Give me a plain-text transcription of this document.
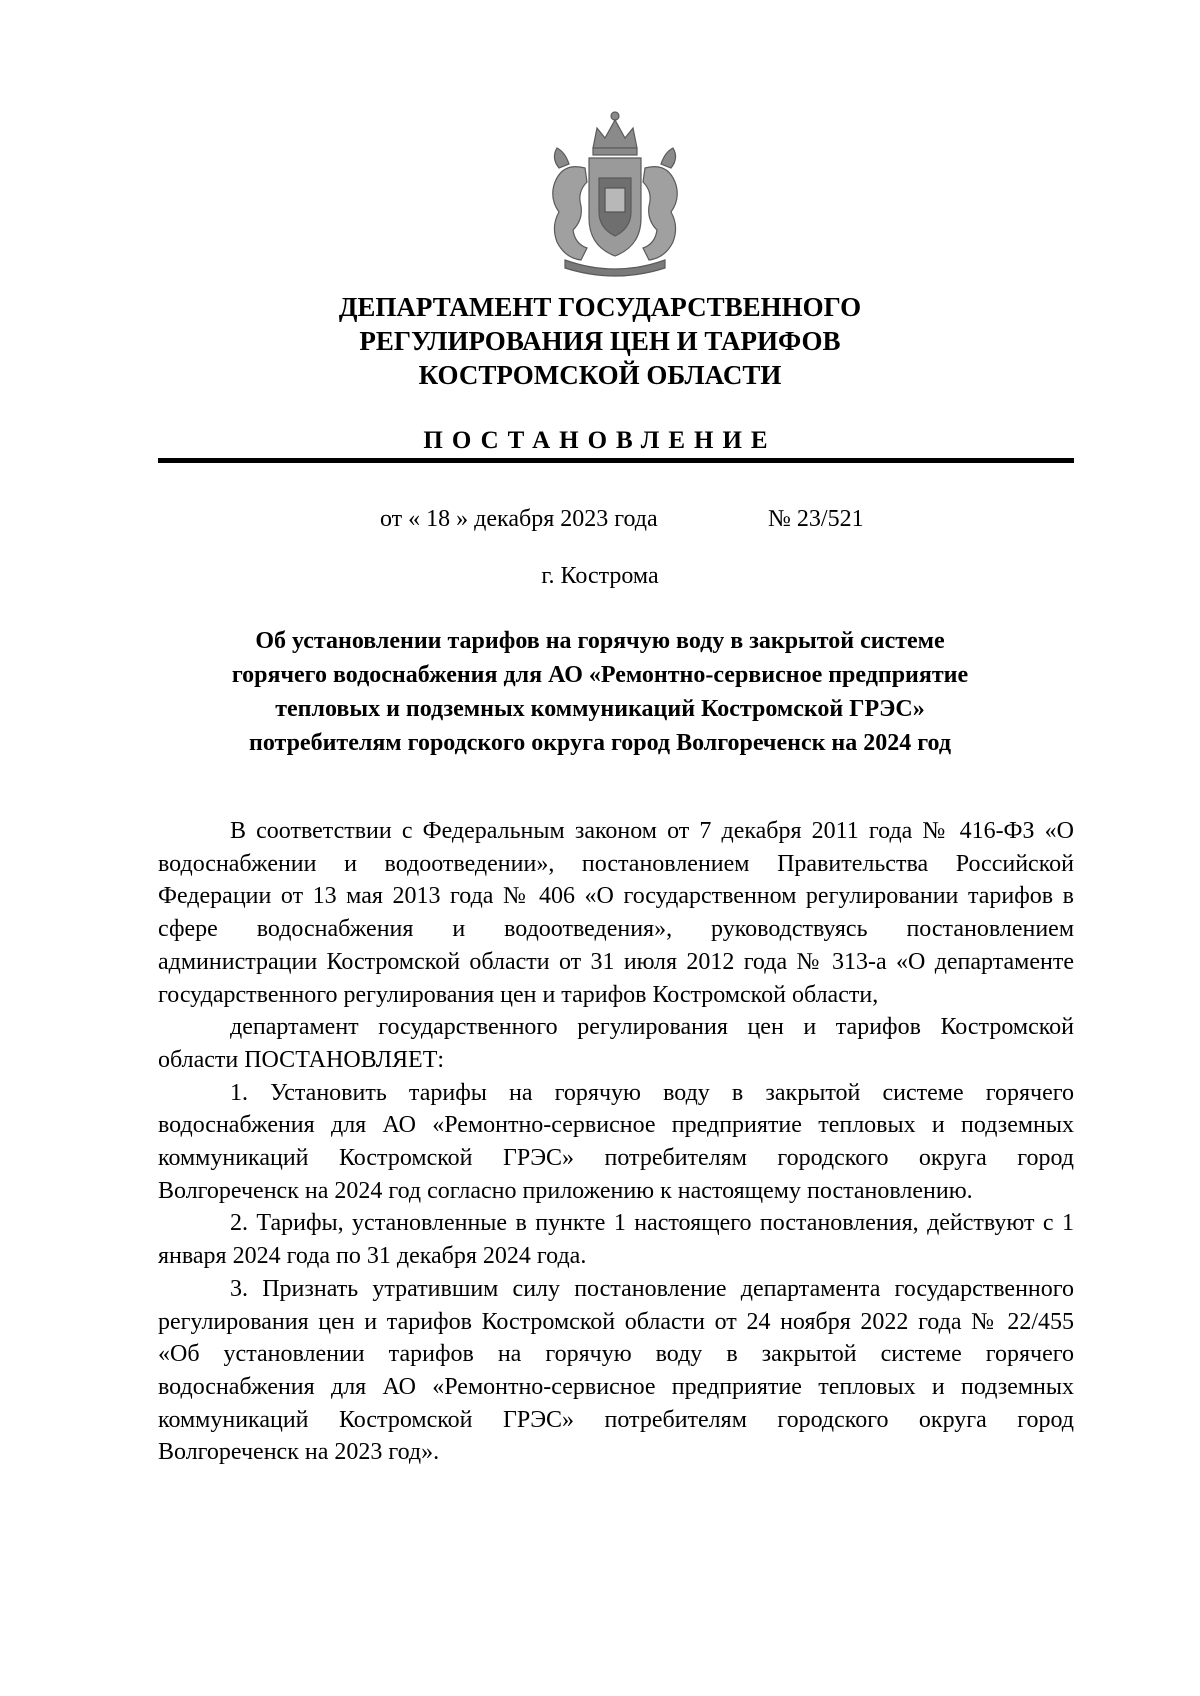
ДЕПАРТАМЕНТ ГОСУДАРСТВЕННОГО
РЕГУЛИРОВАНИЯ ЦЕН И ТАРИФОВ
КОСТРОМСКОЙ ОБЛАСТИ
ПОСТАНОВЛЕНИЕ
от « 18 » декабря 2023 года	№ 23/521
г. Кострома
Об установлении тарифов на горячую воду в закрытой системе
горячего водоснабжения для АО «Ремонтно-сервисное предприятие
тепловых и подземных коммуникаций Костромской ГРЭС»
потребителям городского округа город Волгореченск на 2024 год

В соответствии с Федеральным законом от 7 декабря 2011 года № 416-ФЗ «О водоснабжении и водоотведении», постановлением Правительства Российской Федерации от 13 мая 2013 года № 406 «О государственном регулировании тарифов в сфере водоснабжения и водоотведения», руководствуясь постановлением администрации Костромской области от 31 июля 2012 года № 313-а «О департаменте государственного регулирования цен и тарифов Костромской области,

департамент государственного регулирования цен и тарифов Костромской области ПОСТАНОВЛЯЕТ:

1. Установить тарифы на горячую воду в закрытой системе горячего водоснабжения для АО «Ремонтно-сервисное предприятие тепловых и подземных коммуникаций Костромской ГРЭС» потребителям городского округа город Волгореченск на 2024 год согласно приложению к настоящему постановлению.

2. Тарифы, установленные в пункте 1 настоящего постановления, действуют с 1 января 2024 года по 31 декабря 2024 года.

3. Признать утратившим силу постановление департамента государственного регулирования цен и тарифов Костромской области от 24 ноября 2022 года № 22/455 «Об установлении тарифов на горячую воду в закрытой системе горячего водоснабжения для АО «Ремонтно-сервисное предприятие тепловых и подземных коммуникаций Костромской ГРЭС» потребителям городского округа город Волгореченск на 2023 год».
